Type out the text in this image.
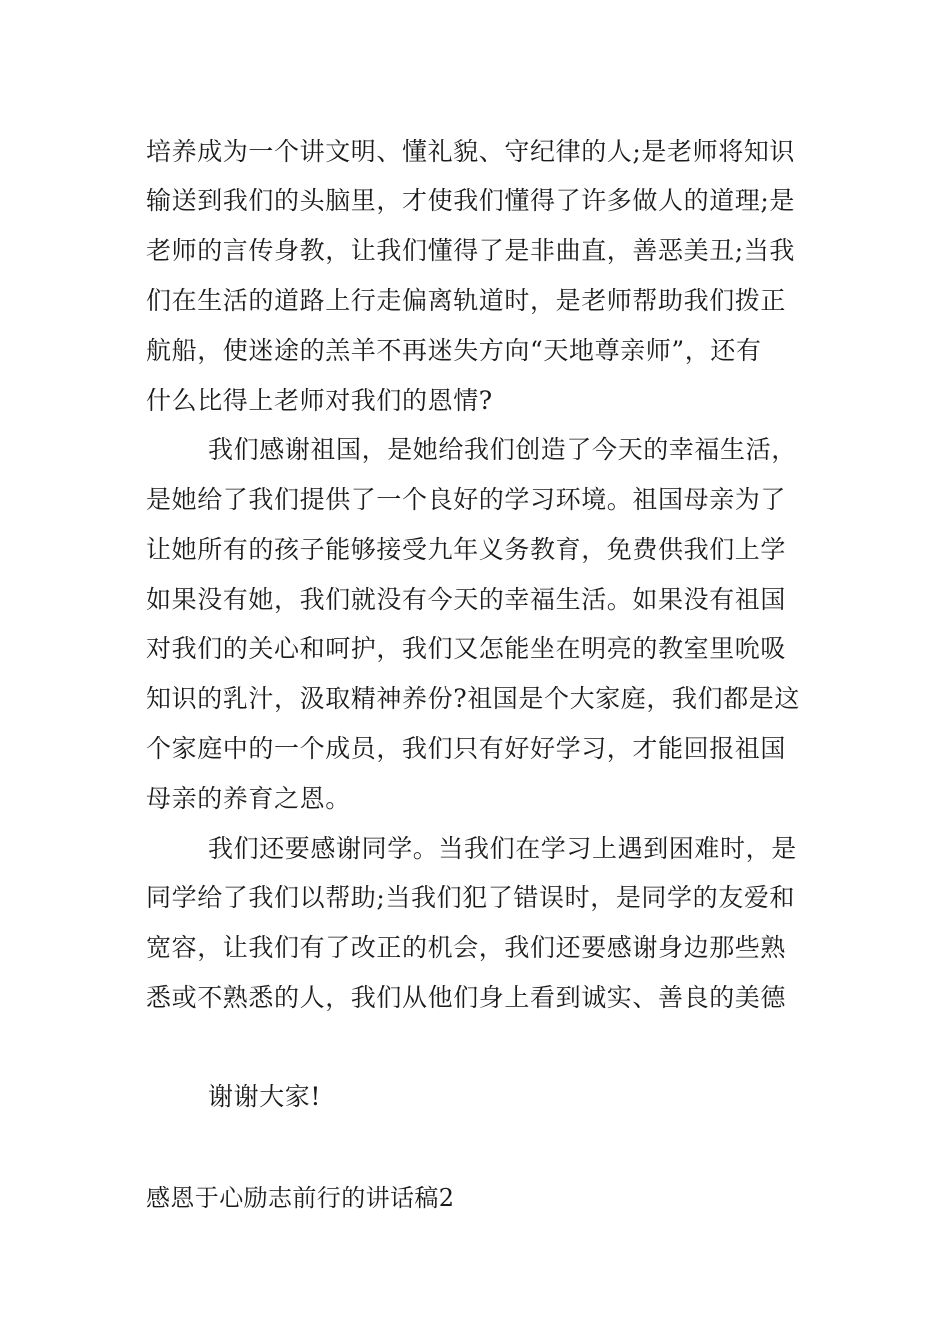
培养成为一个讲文明、懂礼貌、守纪律的人;是老师将知识
输送到我们的头脑里，才使我们懂得了许多做人的道理;是
老师的言传身教，让我们懂得了是非曲直，善恶美丑;当我
们在生活的道路上行走偏离轨道时，是老师帮助我们拨正
航船，使迷途的羔羊不再迷失方向“天地尊亲师”，还有
什么比得上老师对我们的恩情?
我们感谢祖国，是她给我们创造了今天的幸福生活，
是她给了我们提供了一个良好的学习环境。祖国母亲为了
让她所有的孩子能够接受九年义务教育，免费供我们上学
如果没有她，我们就没有今天的幸福生活。如果没有祖国
对我们的关心和呵护，我们又怎能坐在明亮的教室里吮吸
知识的乳汁，汲取精神养份?祖国是个大家庭，我们都是这
个家庭中的一个成员，我们只有好好学习，才能回报祖国
母亲的养育之恩。
我们还要感谢同学。当我们在学习上遇到困难时，是
同学给了我们以帮助;当我们犯了错误时，是同学的友爱和
宽容，让我们有了改正的机会，我们还要感谢身边那些熟
悉或不熟悉的人，我们从他们身上看到诚实、善良的美德
谢谢大家!
感恩于心励志前行的讲话稿2
